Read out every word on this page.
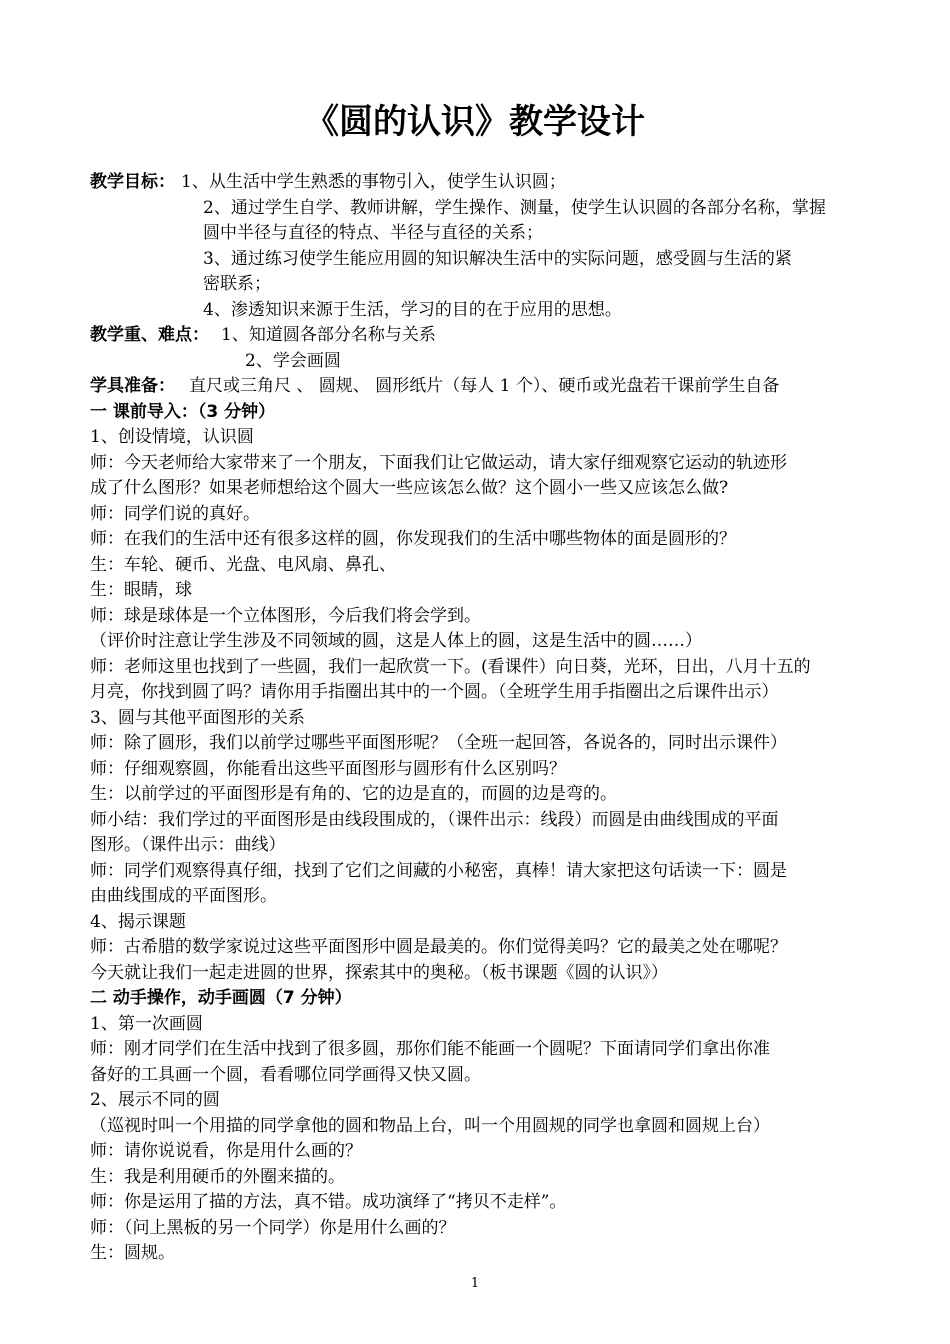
《圆的认识》教学设计
教学目标： 1、从生活中学生熟悉的事物引入，使学生认识圆；
2、通过学生自学、教师讲解，学生操作、测量，使学生认识圆的各部分名称，掌握
圆中半径与直径的特点、半径与直径的关系；
3、通过练习使学生能应用圆的知识解决生活中的实际问题，感受圆与生活的紧
密联系；
4、渗透知识来源于生活，学习的目的在于应用的思想。
教学重、难点： 1、知道圆各部分名称与关系
2、学会画圆
学具准备： 直尺或三角尺 、 圆规、 圆形纸片（每人 1 个）、硬币或光盘若干课前学生自备
一 课前导入：（3 分钟）
1、创设情境，认识圆
师：今天老师给大家带来了一个朋友，下面我们让它做运动，请大家仔细观察它运动的轨迹形
成了什么图形？如果老师想给这个圆大一些应该怎么做？这个圆小一些又应该怎么做?
师：同学们说的真好。
师：在我们的生活中还有很多这样的圆，你发现我们的生活中哪些物体的面是圆形的？
生：车轮、硬币、光盘、电风扇、鼻孔、
生：眼睛，球
师：球是球体是一个立体图形，今后我们将会学到。
（评价时注意让学生涉及不同领域的圆，这是人体上的圆，这是生活中的圆……）
师：老师这里也找到了一些圆，我们一起欣赏一下。(看课件）向日葵，光环，日出，八月十五的
月亮，你找到圆了吗？请你用手指圈出其中的一个圆。（全班学生用手指圈出之后课件出示）
3、圆与其他平面图形的关系
师：除了圆形，我们以前学过哪些平面图形呢？（全班一起回答，各说各的，同时出示课件）
师：仔细观察圆，你能看出这些平面图形与圆形有什么区别吗？
生：以前学过的平面图形是有角的、它的边是直的，而圆的边是弯的。
师小结：我们学过的平面图形是由线段围成的，（课件出示：线段）而圆是由曲线围成的平面
图形。（课件出示：曲线）
师：同学们观察得真仔细，找到了它们之间藏的小秘密，真棒！请大家把这句话读一下：圆是
由曲线围成的平面图形。
4、揭示课题
师：古希腊的数学家说过这些平面图形中圆是最美的。你们觉得美吗？它的最美之处在哪呢？
今天就让我们一起走进圆的世界，探索其中的奥秘。（板书课题《圆的认识》）
二 动手操作，动手画圆（7 分钟）
1、第一次画圆
师：刚才同学们在生活中找到了很多圆，那你们能不能画一个圆呢？下面请同学们拿出你准
备好的工具画一个圆，看看哪位同学画得又快又圆。
2、展示不同的圆
（巡视时叫一个用描的同学拿他的圆和物品上台，叫一个用圆规的同学也拿圆和圆规上台）
师：请你说说看，你是用什么画的？
生：我是利用硬币的外圈来描的。
师：你是运用了描的方法，真不错。成功演绎了“拷贝不走样”。
师：（问上黑板的另一个同学）你是用什么画的？
生：圆规。
1
